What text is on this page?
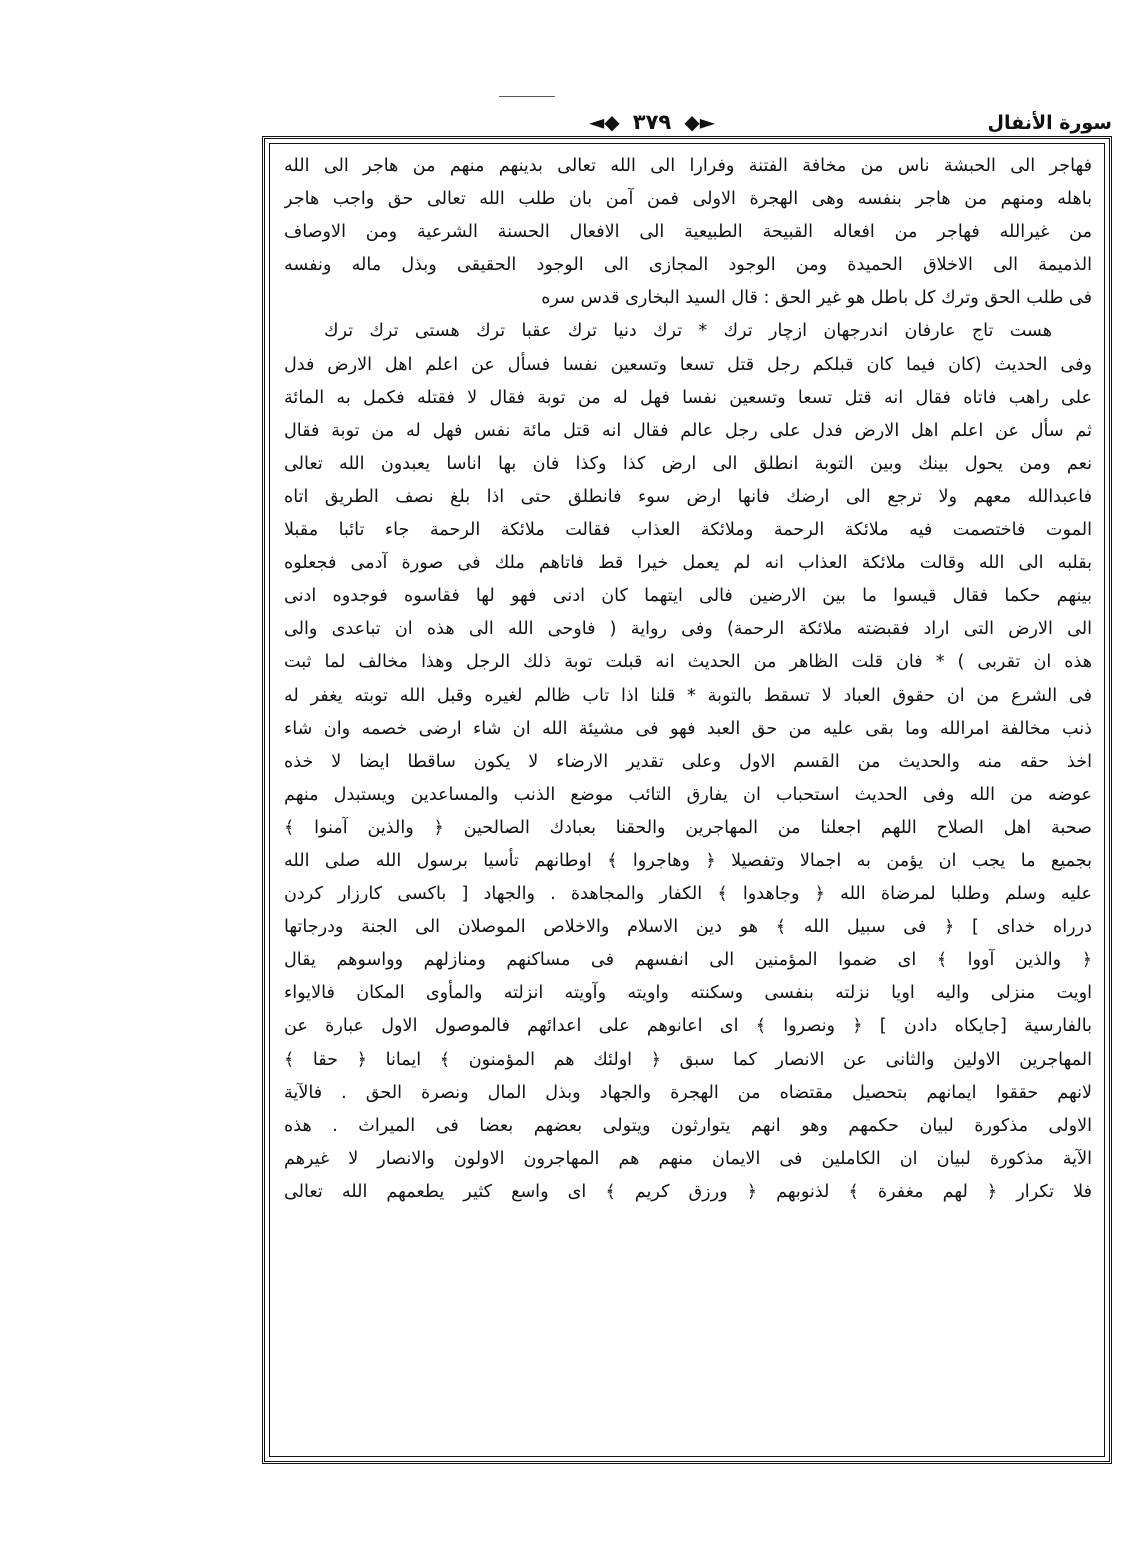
سورة الأنفال
◄◆ ٣٧٩ ◆►
فهاجر الى الحبشة ناس من مخافة الفتنة وفرارا الى الله تعالى بدينهم منهم من هاجر الى الله
باهله ومنهم من هاجر بنفسه وهى الهجرة الاولى فمن آمن بان طلب الله تعالى حق واجب هاجر
من غيرالله فهاجر من افعاله القبيحة الطبيعية الى الافعال الحسنة الشرعية ومن الاوصاف
الذميمة الى الاخلاق الحميدة ومن الوجود المجازى الى الوجود الحقيقى وبذل ماله ونفسه
فى طلب الحق وترك كل باطل هو غير الحق : قال السيد البخارى قدس سره
هست تاج عارفان اندرجهان ازچار ترك * ترك دنيا ترك عقبا ترك هستى ترك ترك
وفى الحديث (كان فيما كان قبلكم رجل قتل تسعا وتسعين نفسا فسأل عن اعلم اهل الارض فدل
على راهب فاتاه فقال انه قتل تسعا وتسعين نفسا فهل له من توبة فقال لا فقتله فكمل به المائة
ثم سأل عن اعلم اهل الارض فدل على رجل عالم فقال انه قتل مائة نفس فهل له من توبة فقال
نعم ومن يحول بينك وبين التوبة انطلق الى ارض كذا وكذا فان بها اناسا يعبدون الله تعالى
فاعبدالله معهم ولا ترجع الى ارضك فانها ارض سوء فانطلق حتى اذا بلغ نصف الطريق اتاه
الموت فاختصمت فيه ملائكة الرحمة وملائكة العذاب فقالت ملائكة الرحمة جاء تائبا مقبلا
بقلبه الى الله وقالت ملائكة العذاب انه لم يعمل خيرا قط فاتاهم ملك فى صورة آدمى فجعلوه
بينهم حكما فقال قيسوا ما بين الارضين فالى ايتهما كان ادنى فهو لها فقاسوه فوجدوه ادنى
الى الارض التى اراد فقبضته ملائكة الرحمة) وفى رواية ( فاوحى الله الى هذه ان تباعدى والى
هذه ان تقربى ) * فان قلت الظاهر من الحديث انه قبلت توبة ذلك الرجل وهذا مخالف لما ثبت
فى الشرع من ان حقوق العباد لا تسقط بالتوبة * قلنا اذا تاب ظالم لغيره وقبل الله توبته يغفر له
ذنب مخالفة امرالله وما بقى عليه من حق العبد فهو فى مشيئة الله ان شاء ارضى خصمه وان شاء
اخذ حقه منه والحديث من القسم الاول وعلى تقدير الارضاء لا يكون ساقطا ايضا لا خذه
عوضه من الله وفى الحديث استحباب ان يفارق التائب موضع الذنب والمساعدين ويستبدل منهم
صحبة اهل الصلاح اللهم اجعلنا من المهاجرين والحقنا بعبادك الصالحين ﴿ والذين آمنوا ﴾
بجميع ما يجب ان يؤمن به اجمالا وتفصيلا ﴿ وهاجروا ﴾ اوطانهم تأسيا برسول الله صلى الله
عليه وسلم وطلبا لمرضاة الله ﴿ وجاهدوا ﴾ الكفار والمجاهدة . والجهاد [ باكسى كارزار كردن
درراه خداى ] ﴿ فى سبيل الله ﴾ هو دين الاسلام والاخلاص الموصلان الى الجنة ودرجاتها
﴿ والذين آووا ﴾ اى ضموا المؤمنين الى انفسهم فى مساكنهم ومنازلهم وواسوهم يقال
اويت منزلى واليه اويا نزلته بنفسى وسكنته واويته وآويته انزلته والمأوى المكان فالايواء
بالفارسية [جايكاه دادن ] ﴿ ونصروا ﴾ اى اعانوهم على اعدائهم فالموصول الاول عبارة عن
المهاجرين الاولين والثانى عن الانصار كما سبق ﴿ اولئك هم المؤمنون ﴾ ايمانا ﴿ حقا ﴾
لانهم حققوا ايمانهم بتحصيل مقتضاه من الهجرة والجهاد وبذل المال ونصرة الحق . فالآية
الاولى مذكورة لبيان حكمهم وهو انهم يتوارثون ويتولى بعضهم بعضا فى الميراث . هذه
الآية مذكورة لبيان ان الكاملين فى الايمان منهم هم المهاجرون الاولون والانصار لا غيرهم
فلا تكرار ﴿ لهم مغفرة ﴾ لذنوبهم ﴿ ورزق كريم ﴾ اى واسع كثير يطعمهم الله تعالى
